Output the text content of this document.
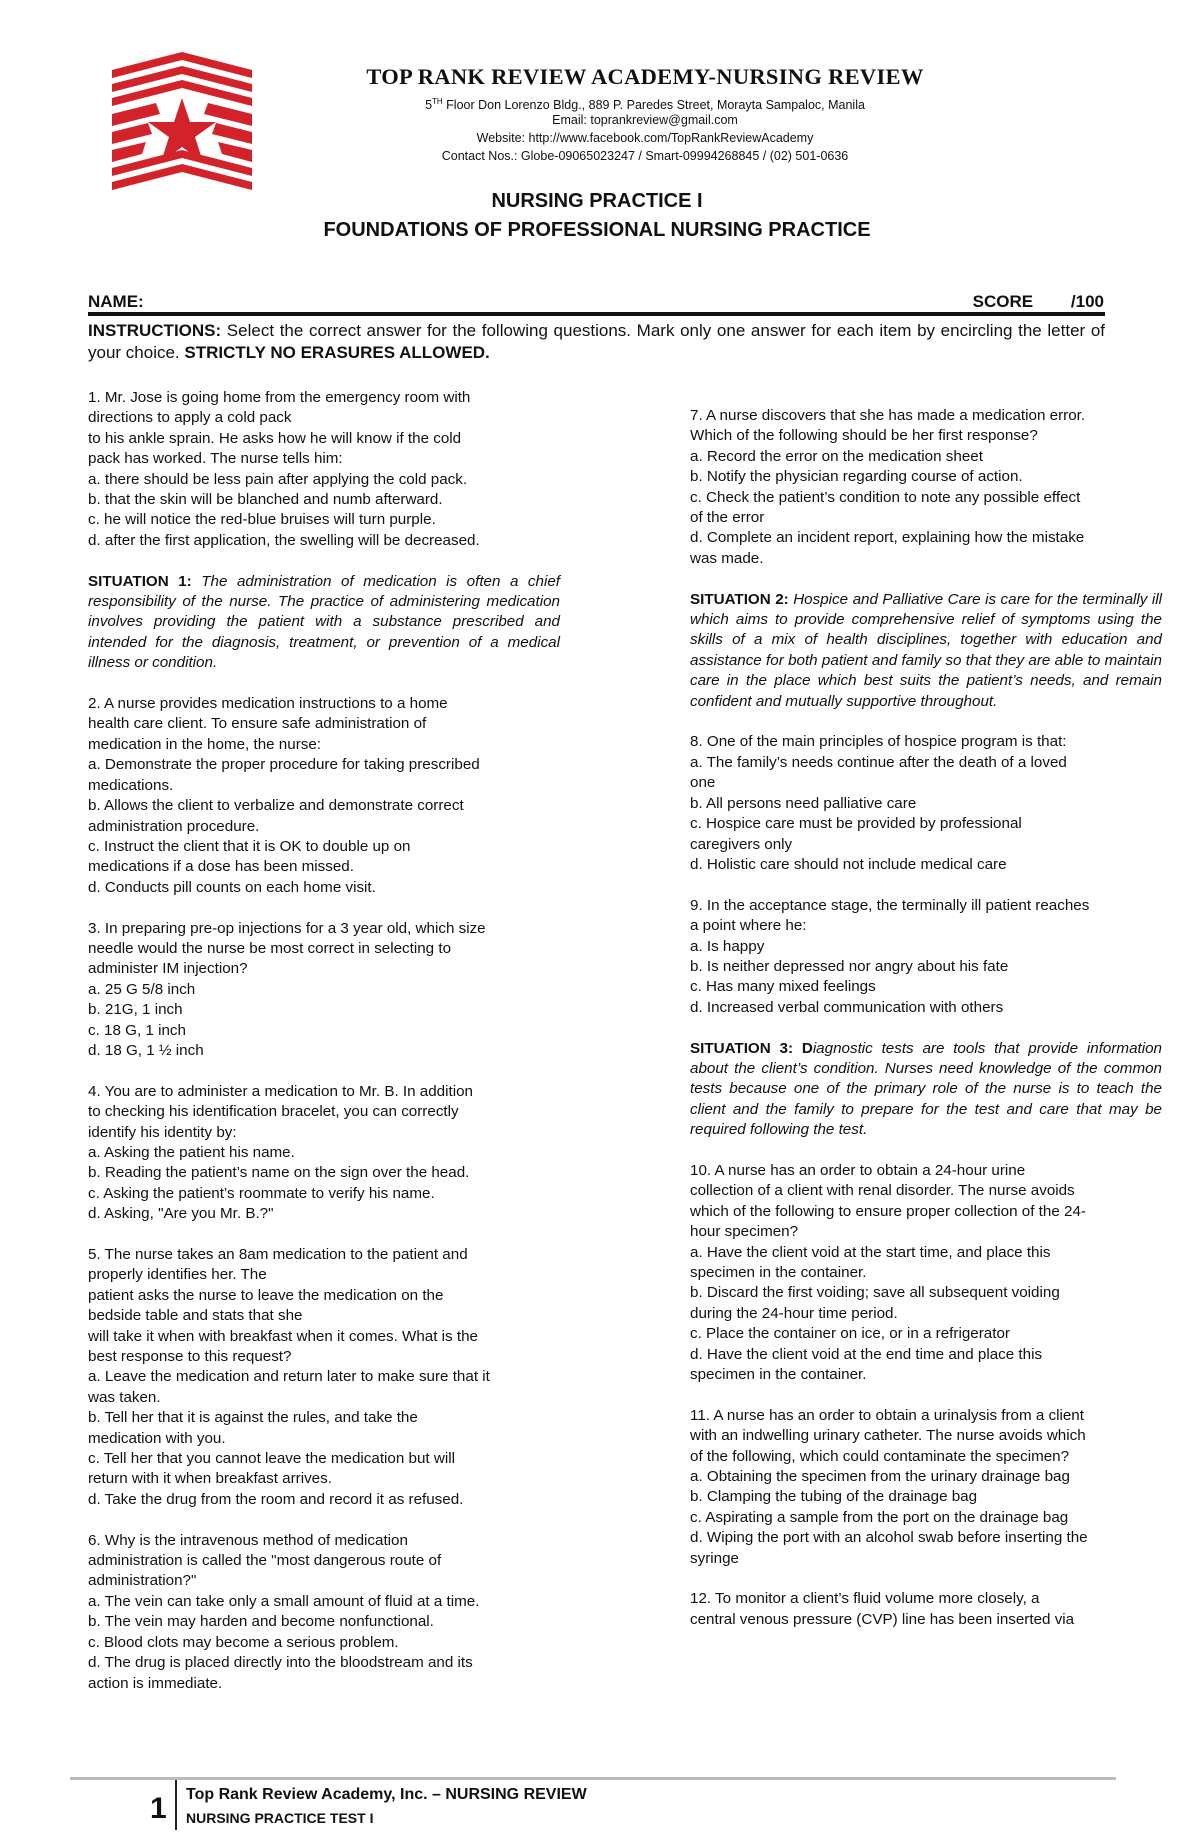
TOP RANK REVIEW ACADEMY-NURSING REVIEW
5TH Floor Don Lorenzo Bldg., 889 P. Paredes Street, Morayta Sampaloc, Manila
Email: toprankreview@gmail.com
Website: http://www.facebook.com/TopRankReviewAcademy
Contact Nos.: Globe-09065023247 / Smart-09994268845 / (02) 501-0636
NURSING PRACTICE I
FOUNDATIONS OF PROFESSIONAL NURSING PRACTICE
NAME:	SCORE        /100
INSTRUCTIONS: Select the correct answer for the following questions. Mark only one answer for each item by encircling the letter of your choice. STRICTLY NO ERASURES ALLOWED.
1. Mr. Jose is going home from the emergency room with
directions to apply a cold pack
to his ankle sprain. He asks how he will know if the cold
pack has worked. The nurse tells him:
a. there should be less pain after applying the cold pack.
b. that the skin will be blanched and numb afterward.
c. he will notice the red-blue bruises will turn purple.
d. after the first application, the swelling will be decreased.
SITUATION 1: The administration of medication is often a chief responsibility of the nurse. The practice of administering medication involves providing the patient with a substance prescribed and intended for the diagnosis, treatment, or prevention of a medical illness or condition.
2. A nurse provides medication instructions to a home
health care client. To ensure safe administration of
medication in the home, the nurse:
a. Demonstrate the proper procedure for taking prescribed
medications.
b. Allows the client to verbalize and demonstrate correct
administration procedure.
c. Instruct the client that it is OK to double up on
medications if a dose has been missed.
d. Conducts pill counts on each home visit.
3. In preparing pre-op injections for a 3 year old, which size
needle would the nurse be most correct in selecting to
administer IM injection?
a. 25 G 5/8 inch
b. 21G, 1 inch
c. 18 G, 1 inch
d. 18 G, 1 ½ inch
4. You are to administer a medication to Mr. B. In addition
to checking his identification bracelet, you can correctly
identify his identity by:
a. Asking the patient his name.
b. Reading the patient’s name on the sign over the head.
c. Asking the patient’s roommate to verify his name.
d. Asking, "Are you Mr. B.?"
5. The nurse takes an 8am medication to the patient and
properly identifies her. The
patient asks the nurse to leave the medication on the
bedside table and stats that she
will take it when with breakfast when it comes. What is the
best response to this request?
a. Leave the medication and return later to make sure that it
was taken.
b. Tell her that it is against the rules, and take the
medication with you.
c. Tell her that you cannot leave the medication but will
return with it when breakfast arrives.
d. Take the drug from the room and record it as refused.
6. Why is the intravenous method of medication
administration is called the "most dangerous route of
administration?"
a. The vein can take only a small amount of fluid at a time.
b. The vein may harden and become nonfunctional.
c. Blood clots may become a serious problem.
d. The drug is placed directly into the bloodstream and its
action is immediate.
7. A nurse discovers that she has made a medication error.
Which of the following should be her first response?
a. Record the error on the medication sheet
b. Notify the physician regarding course of action.
c. Check the patient’s condition to note any possible effect
of the error
d. Complete an incident report, explaining how the mistake
was made.
SITUATION 2: Hospice and Palliative Care is care for the terminally ill which aims to provide comprehensive relief of symptoms using the skills of a mix of health disciplines, together with education and assistance for both patient and family so that they are able to maintain care in the place which best suits the patient’s needs, and remain confident and mutually supportive throughout.
8. One of the main principles of hospice program is that:
a. The family’s needs continue after the death of a loved
one
b. All persons need palliative care
c. Hospice care must be provided by professional
caregivers only
d. Holistic care should not include medical care
9. In the acceptance stage, the terminally ill patient reaches
a point where he:
a. Is happy
b. Is neither depressed nor angry about his fate
c. Has many mixed feelings
d. Increased verbal communication with others
SITUATION 3: Diagnostic tests are tools that provide information about the client’s condition. Nurses need knowledge of the common tests because one of the primary role of the nurse is to teach the client and the family to prepare for the test and care that may be required following the test.
10. A nurse has an order to obtain a 24-hour urine
collection of a client with renal disorder. The nurse avoids
which of the following to ensure proper collection of the 24-
hour specimen?
a. Have the client void at the start time, and place this
specimen in the container.
b. Discard the first voiding; save all subsequent voiding
during the 24-hour time period.
c. Place the container on ice, or in a refrigerator
d. Have the client void at the end time and place this
specimen in the container.
11. A nurse has an order to obtain a urinalysis from a client
with an indwelling urinary catheter. The nurse avoids which
of the following, which could contaminate the specimen?
a. Obtaining the specimen from the urinary drainage bag
b. Clamping the tubing of the drainage bag
c. Aspirating a sample from the port on the drainage bag
d. Wiping the port with an alcohol swab before inserting the
syringe
12. To monitor a client’s fluid volume more closely, a
central venous pressure (CVP) line has been inserted via
1 Top Rank Review Academy, Inc. – NURSING REVIEW
NURSING PRACTICE TEST I
